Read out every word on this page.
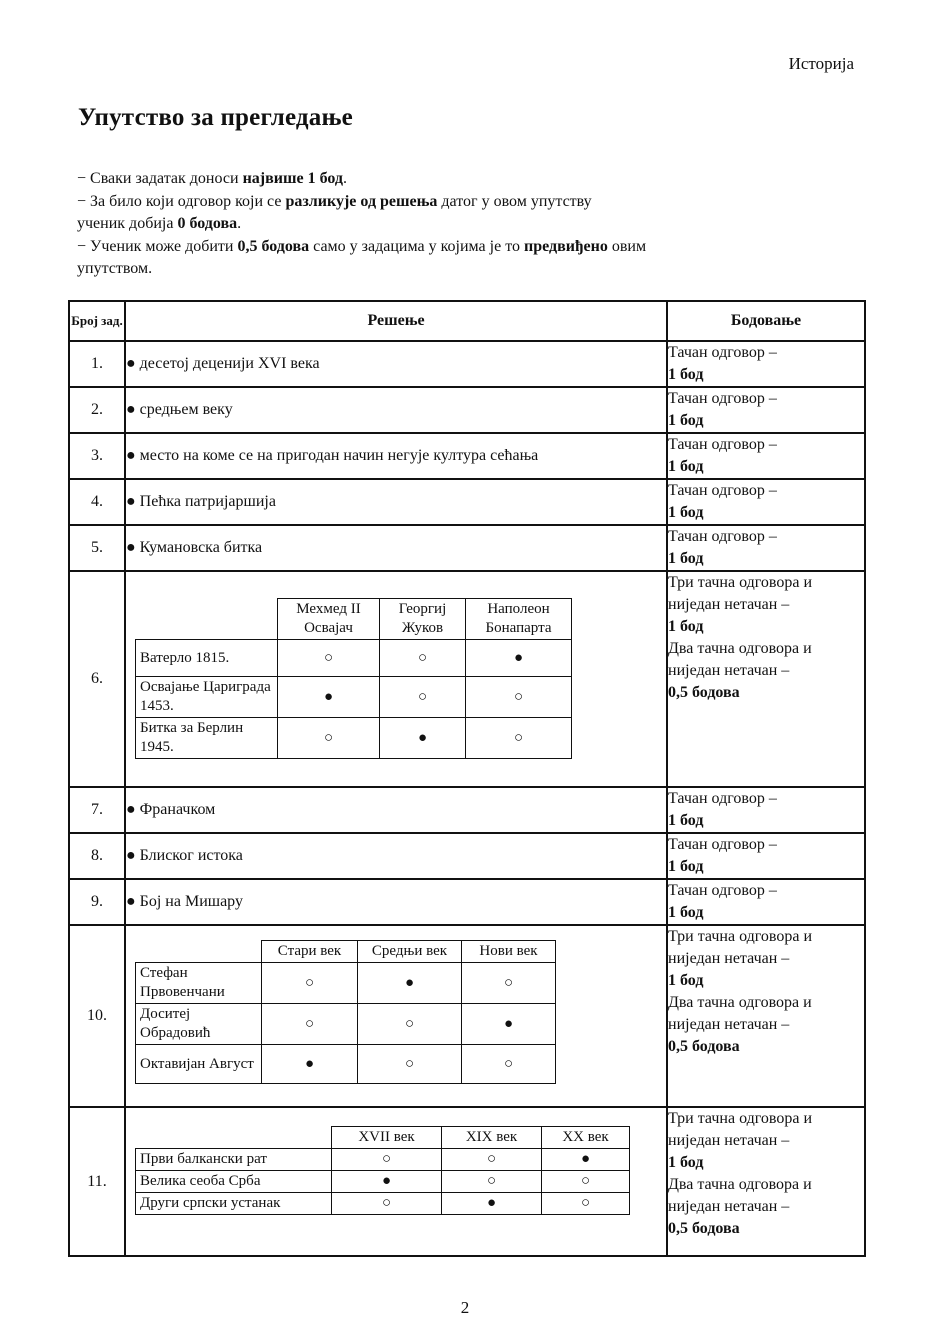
Историја
Упутство за прегледање

− Сваки задатак доноси највише 1 бод.

− За било који одговор који се разликује од решења датог у овом упутству

ученик добија 0 бодова.

− Ученик може добити 0,5 бодова само у задацима у којима је то предвиђено овим

упутством.

Број зад.	Решење	Бодовање
1.	● десетој деценији XVI века	
Тачан одговор –
1 бод

2.	● средњем веку	
Тачан одговор –
1 бод

3.	● место на коме се на пригодан начин негује култура сећања	
Тачан одговор –
1 бод

4.	● Пећка патријаршија	
Тачан одговор –
1 бод

5.	● Кумановска битка	
Тачан одговор –
1 бод

6.	
	Мехмед II Освајач	Георгиј Жуков	Наполеон Бонапарта
Ватерло 1815.	○	○	●
Освајање Цариграда 1453.	●	○	○
Битка за Берлин 1945.	○	●	○

Три тачна одговора и
ниједан нетачан –
1 бод
Два тачна одговора и
ниједан нетачан –
0,5 бодова

7.	● Франачком	
Тачан одговор –
1 бод

8.	● Блиског истока	
Тачан одговор –
1 бод

9.	● Бој на Мишару	
Тачан одговор –
1 бод

10.	
	Стари век	Средњи век	Нови век
Стефан Првовенчани	○	●	○
Доситеј Обрадовић	○	○	●
Октавијан Август	●	○	○

Три тачна одговора и
ниједан нетачан –
1 бод
Два тачна одговора и
ниједан нетачан –
0,5 бодова

11.	
	XVII век	XIX век	XX век
Први балкански рат	○	○	●
Велика сеоба Срба	●	○	○
Други српски устанак	○	●	○

Три тачна одговора и
ниједан нетачан –
1 бод
Два тачна одговора и
ниједан нетачан –
0,5 бодова
2
